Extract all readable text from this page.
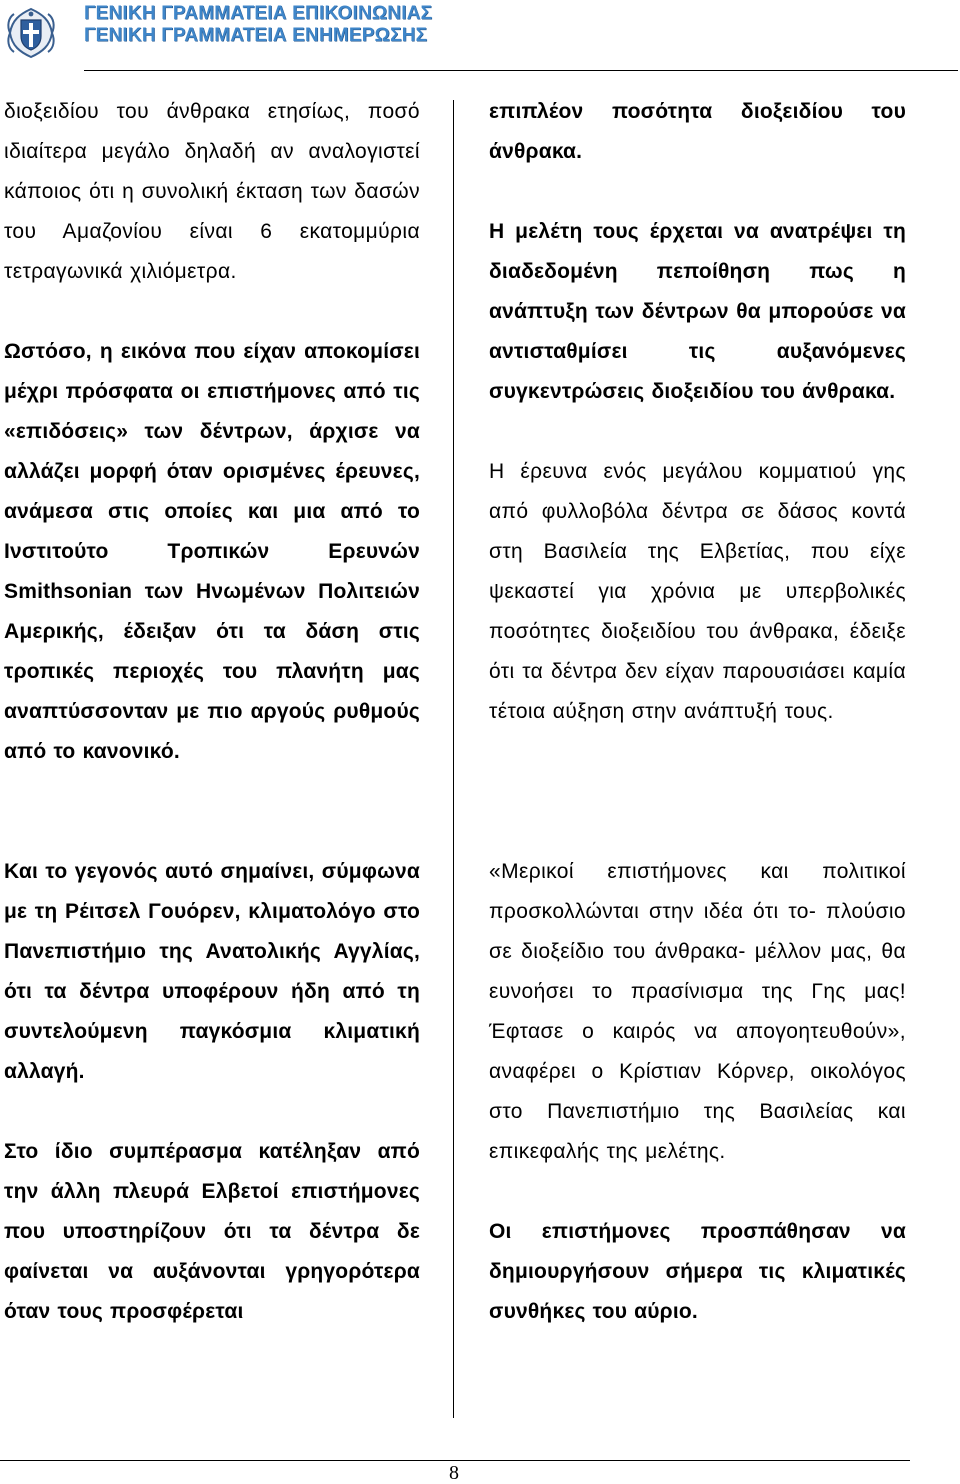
ΓΕΝΙΚΗ ΓΡΑΜΜΑΤΕΙΑ ΕΠΙΚΟΙΝΩΝΙΑΣ
ΓΕΝΙΚΗ ΓΡΑΜΜΑΤΕΙΑ ΕΝΗΜΕΡΩΣΗΣ

διοξειδίου του άνθρακα ετησίως, ποσό ιδιαίτερα μεγάλο δηλαδή αν αναλογιστεί κάποιος ότι η συνολική έκταση των δασών του Αμαζονίου είναι 6 εκατομμύρια τετραγωνικά χιλιόμετρα.

Ωστόσο, η εικόνα που είχαν αποκομίσει μέχρι πρόσφατα οι επιστήμονες από τις «επιδόσεις» των δέντρων, άρχισε να αλλάζει μορφή όταν ορισμένες έρευνες, ανάμεσα στις οποίες και μια από το Ινστιτούτο Τροπικών Ερευνών Smithsonian των Ηνωμένων Πολιτειών Αμερικής, έδειξαν ότι τα δάση στις τροπικές περιοχές του πλανήτη μας αναπτύσσονταν με πιο αργούς ρυθμούς από το κανονικό.

Και το γεγονός αυτό σημαίνει, σύμφωνα με τη Ρέιτσελ Γουόρεν, κλιματολόγο στο Πανεπιστήμιο της Ανατολικής Αγγλίας, ότι τα δέντρα υποφέρουν ήδη από τη συντελούμενη παγκόσμια κλιματική αλλαγή.

Στο ίδιο συμπέρασμα κατέληξαν από την άλλη πλευρά Ελβετοί επιστήμονες που υποστηρίζουν ότι τα δέντρα δε φαίνεται να αυξάνονται γρηγορότερα όταν τους προσφέρεται

επιπλέον ποσότητα διοξειδίου του άνθρακα.

Η μελέτη τους έρχεται να ανατρέψει τη διαδεδομένη πεποίθηση πως η ανάπτυξη των δέντρων θα μπορούσε να αντισταθμίσει τις αυξανόμενες συγκεντρώσεις διοξειδίου του άνθρακα.

Η έρευνα ενός μεγάλου κομματιού γης από φυλλοβόλα δέντρα σε δάσος κοντά στη Βασιλεία της Ελβετίας, που είχε ψεκαστεί για χρόνια με υπερβολικές ποσότητες διοξειδίου του άνθρακα, έδειξε ότι τα δέντρα δεν είχαν παρουσιάσει καμία τέτοια αύξηση στην ανάπτυξή τους.

«Μερικοί επιστήμονες και πολιτικοί προσκολλώνται στην ιδέα ότι το- πλούσιο σε διοξείδιο του άνθρακα- μέλλον μας, θα ευνοήσει το πρασίνισμα της Γης μας! Έφτασε ο καιρός να απογοητευθούν», αναφέρει ο Κρίστιαν Κόρνερ, οικολόγος στο Πανεπιστήμιο της Βασιλείας και επικεφαλής της μελέτης.

Οι επιστήμονες προσπάθησαν να δημιουργήσουν σήμερα τις κλιματικές συνθήκες του αύριο.

8
